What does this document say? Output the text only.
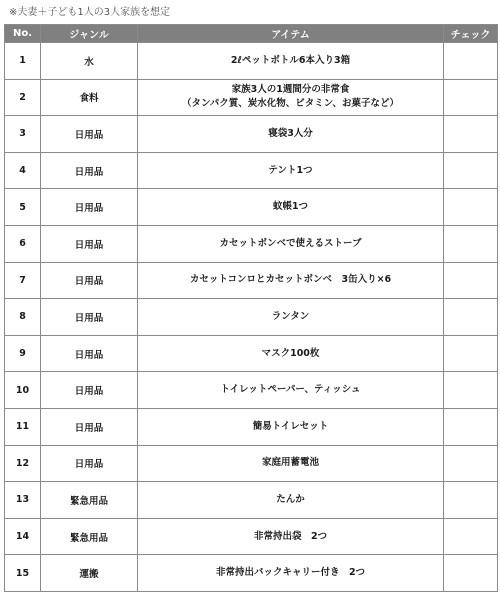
※夫妻＋子ども1人の3人家族を想定
No.	ジャンル	アイテム	チェック
1	水	2ℓペットボトル6本入り3箱	

2	食料	家族3人の1週間分の非常食
（タンパク質、炭水化物、ビタミン、お菓子など）	

3	日用品	寝袋3人分	

4	日用品	テント1つ	

5	日用品	蚊帳1つ	

6	日用品	カセットボンベで使えるストーブ	

7	日用品	カセットコンロとカセットボンベ　3缶入り×6	

8	日用品	ランタン	

9	日用品	マスク100枚	

10	日用品	トイレットペーパー、ティッシュ	

11	日用品	簡易トイレセット	

12	日用品	家庭用蓄電池	

13	緊急用品	たんか	

14	緊急用品	非常持出袋　2つ	

15	運搬	非常持出バックキャリー付き　2つ	
